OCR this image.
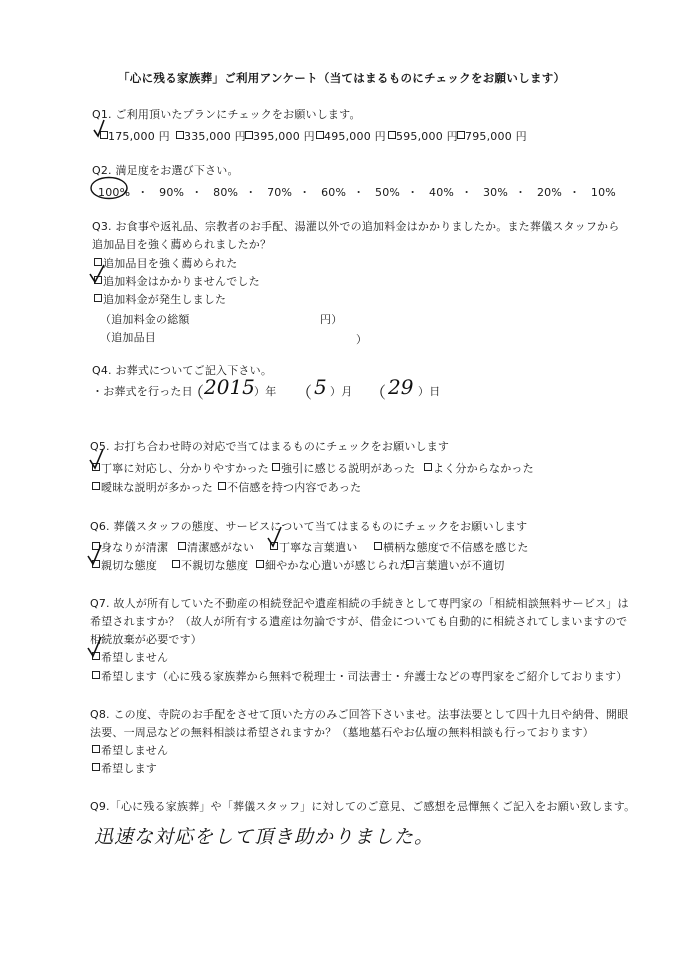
「心に残る家族葬」ご利用アンケート（当てはまるものにチェックをお願いします）
Q1. ご利用頂いたプランにチェックをお願いします。
175,000 円	335,000 円 395,000 円 495,000 円 595,000 円 795,000 円
Q2. 満足度をお選び下さい。
100% ・ 90% ・ 80% ・ 70% ・ 60% ・ 50% ・ 40% ・ 30% ・ 20% ・ 10%
Q3. お食事や返礼品、宗教者のお手配、湯灌以外での追加料金はかかりましたか。また葬儀スタッフから
追加品目を強く薦められましたか？
追加品目を強く薦められた
追加料金はかかりませんでした
追加料金が発生しました
（追加料金の総額	円）
（追加品目	）
Q4. お葬式についてご記入下さい。
・お葬式を行った日
（ 2015 ）年 （ 5 ）月 （ 29 ）日
Q5. お打ち合わせ時の対応で当てはまるものにチェックをお願いします
丁寧に対応し、分かりやすかった	強引に感じる説明があった	よく分からなかった
曖昧な説明が多かった	不信感を持つ内容であった
Q6. 葬儀スタッフの態度、サービスについて当てはまるものにチェックをお願いします
身なりが清潔	清潔感がない	丁寧な言葉遣い	横柄な態度で不信感を感じた
親切な態度	不親切な態度	細やかな心遣いが感じられた 言葉遣いが不適切
Q7. 故人が所有していた不動産の相続登記や遺産相続の手続きとして専門家の「相続相談無料サービス」は
希望されますか？（故人が所有する遺産は勿論ですが、借金についても自動的に相続されてしまいますので
相続放棄が必要です）
希望しません
希望します（心に残る家族葬から無料で税理士・司法書士・弁護士などの専門家をご紹介しております）
Q8. この度、寺院のお手配をさせて頂いた方のみご回答下さいませ。法事法要として四十九日や納骨、開眼
法要、一周忌などの無料相談は希望されますか？（墓地墓石やお仏壇の無料相談も行っております）
希望しません
希望します
Q9.「心に残る家族葬」や「葬儀スタッフ」に対してのご意見、ご感想を忌憚無くご記入をお願い致します。
迅速な対応をして頂き助かりました。
